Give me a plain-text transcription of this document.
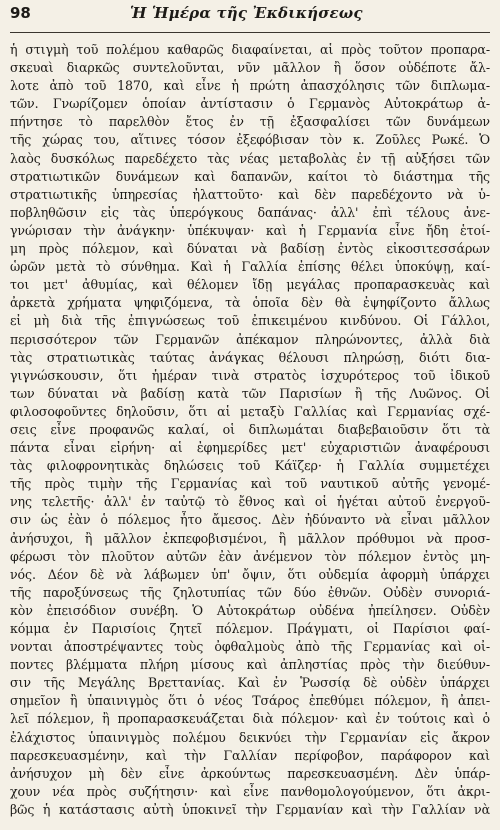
98	Ἡ Ἡμέρα τῆς Ἐκδικήσεως
ἡ στιγμὴ τοῦ πολέμου καθαρῶς διαφαίνεται, αἱ πρὸς τοῦτον προπαρα-
σκευαὶ διαρκῶς συντελοῦνται, νῦν μᾶλλον ἢ ὅσον οὐδέποτε ἄλ-
λοτε ἀπὸ τοῦ 1870, καὶ εἶνε ἡ πρώτη ἀπασχόλησις τῶν διπλωμα-
τῶν. Γνωρίζομεν ὁποίαν ἀντίστασιν ὁ Γερμανὸς Αὐτοκράτωρ ἀ-
πήντησε τὸ παρελθὸν ἔτος ἐν τῇ ἐξασφαλίσει τῶν δυνάμεων
τῆς χώρας του, αἵτινες τόσον ἐξεφόβισαν τὸν κ. Ζοῦλες Ρωκέ. Ὁ
λαὸς δυσκόλως παρεδέχετο τὰς νέας μεταβολὰς ἐν τῇ αὐξήσει τῶν
στρατιωτικῶν δυνάμεων καὶ δαπανῶν, καίτοι τὸ διάστημα τῆς
στρατιωτικῆς ὑπηρεσίας ἠλαττοῦτο· καὶ δὲν παρεδέχοντο νὰ ὑ-
ποβληθῶσιν εἰς τὰς ὑπερόγκους δαπάνας· ἀλλ' ἐπὶ τέλους ἀνε-
γνώρισαν τὴν ἀνάγκην· ὑπέκυψαν· καὶ ἡ Γερμανία εἶνε ἤδη ἑτοί-
μη πρὸς πόλεμον, καὶ δύναται νὰ βαδίσῃ ἐντὸς εἰκοσιτεσσάρων
ὡρῶν μετὰ τὸ σύνθημα. Καὶ ἡ Γαλλία ἐπίσης θέλει ὑποκύψῃ, καί-
τοι μετ' ἀθυμίας, καὶ θέλομεν ἴδῃ μεγάλας προπαρασκευὰς καὶ
ἀρκετὰ χρήματα ψηφιζόμενα, τὰ ὁποῖα δὲν θὰ ἐψηφίζοντο ἄλλως
εἰ μὴ διὰ τῆς ἐπιγνώσεως τοῦ ἐπικειμένου κινδύνου. Οἱ Γάλλοι,
περισσότερον τῶν Γερμανῶν ἀπέκαμον πληρώνοντες, ἀλλὰ διὰ
τὰς στρατιωτικὰς ταύτας ἀνάγκας θέλουσι πληρώσῃ, διότι δια-
γιγνώσκουσιν, ὅτι ἡμέραν τινὰ στρατὸς ἰσχυρότερος τοῦ ἰδικοῦ
των δύναται νὰ βαδίσῃ κατὰ τῶν Παρισίων ἢ τῆς Λυῶνος. Οἱ
φιλοσοφοῦντες δηλοῦσιν, ὅτι αἱ μεταξὺ Γαλλίας καὶ Γερμανίας σχέ-
σεις εἶνε προφανῶς καλαί, οἱ διπλωμάται διαβεβαιοῦσιν ὅτι τὰ
πάντα εἶναι εἰρήνη· αἱ ἐφημερίδες μετ' εὐχαριστιῶν ἀναφέρουσι
τὰς φιλοφρονητικὰς δηλώσεις τοῦ Κάϊζερ· ἡ Γαλλία συμμετέχει
τῆς πρὸς τιμὴν τῆς Γερμανίας καὶ τοῦ ναυτικοῦ αὐτῆς γενομέ-
νης τελετῆς· ἀλλ' ἐν ταὐτῷ τὸ ἔθνος καὶ οἱ ἡγέται αὐτοῦ ἐνεργοῦ-
σιν ὡς ἐὰν ὁ πόλεμος ἦτο ἄμεσος. Δὲν ἠδύναντο νὰ εἶναι μᾶλλον
ἀνήσυχοι, ἢ μᾶλλον ἐκπεφοβισμένοι, ἢ μᾶλλον πρόθυμοι νὰ προσ-
φέρωσι τὸν πλοῦτον αὐτῶν ἐὰν ἀνέμενον τὸν πόλεμον ἐντὸς μη-
νός. Δέον δὲ νὰ λάβωμεν ὑπ' ὄψιν, ὅτι οὐδεμία ἀφορμὴ ὑπάρχει
τῆς παροξύνσεως τῆς ζηλοτυπίας τῶν δύο ἐθνῶν. Οὐδὲν συνοριά-
κὸν ἐπεισόδιον συνέβη. Ὁ Αὐτοκράτωρ οὐδένα ἠπείλησεν. Οὐδὲν
κόμμα ἐν Παρισίοις ζητεῖ πόλεμον. Πράγματι, οἱ Παρίσιοι φαί-
νονται ἀποστρέψαντες τοὺς ὀφθαλμοὺς ἀπὸ τῆς Γερμανίας καὶ οἰ-
ποντες βλέμματα πλήρη μίσους καὶ ἀπληστίας πρὸς τὴν διεύθυν-
σιν τῆς Μεγάλης Βρεττανίας. Καὶ ἐν Ῥωσσίᾳ δὲ οὐδὲν ὑπάρχει
σημεῖον ἢ ὑπαινιγμὸς ὅτι ὁ νέος Τσάρος ἐπεθύμει πόλεμον, ἢ ἀπει-
λεῖ πόλεμον, ἢ προπαρασκευάζεται διὰ πόλεμον· καὶ ἐν τούτοις καὶ ὁ
ἐλάχιστος ὑπαινιγμὸς πολέμου δεικνύει τὴν Γερμανίαν εἰς ἄκρον
παρεσκευασμένην, καὶ τὴν Γαλλίαν περίφοβον, παράφορον καὶ
ἀνήσυχον μὴ δὲν εἶνε ἀρκούντως παρεσκευασμένη. Δὲν ὑπάρ-
χουν νέα πρὸς συζήτησιν· καὶ εἶνε πανθομολογούμενον, ὅτι ἀκρι-
βῶς ἡ κατάστασις αὐτὴ ὑποκινεῖ τὴν Γερμανίαν καὶ τὴν Γαλλίαν νὰ
